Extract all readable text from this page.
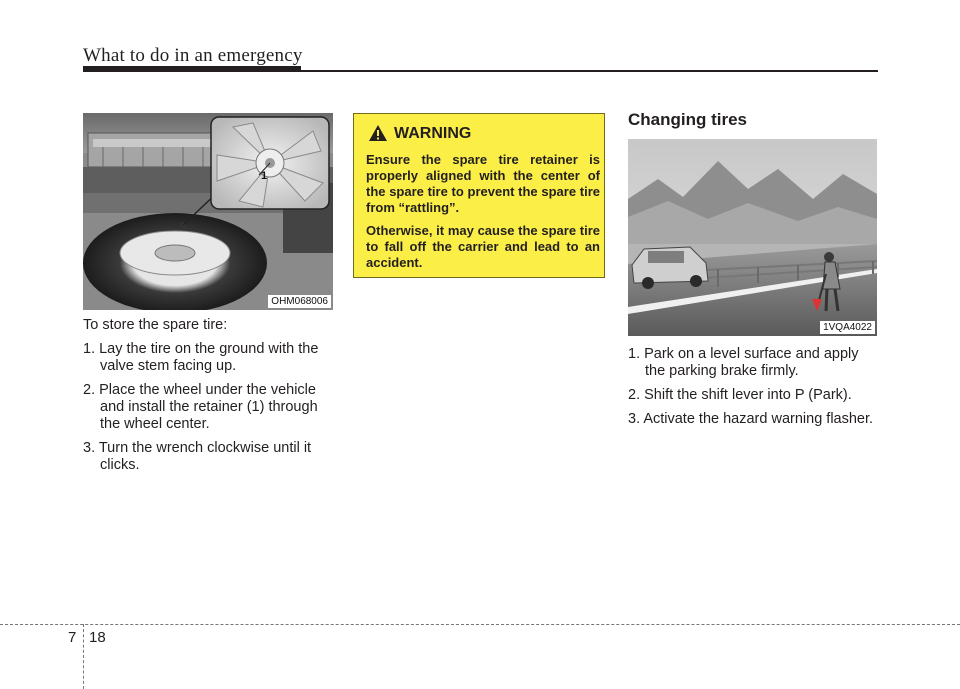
What to do in an emergency
1
OHM068006

To store the spare tire:

1. Lay the tire on the ground with the valve stem facing up.
2. Place the wheel under the vehicle and install the retainer (1) through the wheel center.
3. Turn the wrench clockwise until it clicks.
WARNING

Ensure the spare tire retainer is properly aligned with the center of the spare tire to prevent the spare tire from “rattling”.

Otherwise, it may cause the spare tire to fall off the carrier and lead to an accident.

Changing tires
1VQA4022
1. Park on a level surface and apply the parking brake firmly.
2. Shift the shift lever into P (Park).
3. Activate the hazard warning flasher.
7 18
